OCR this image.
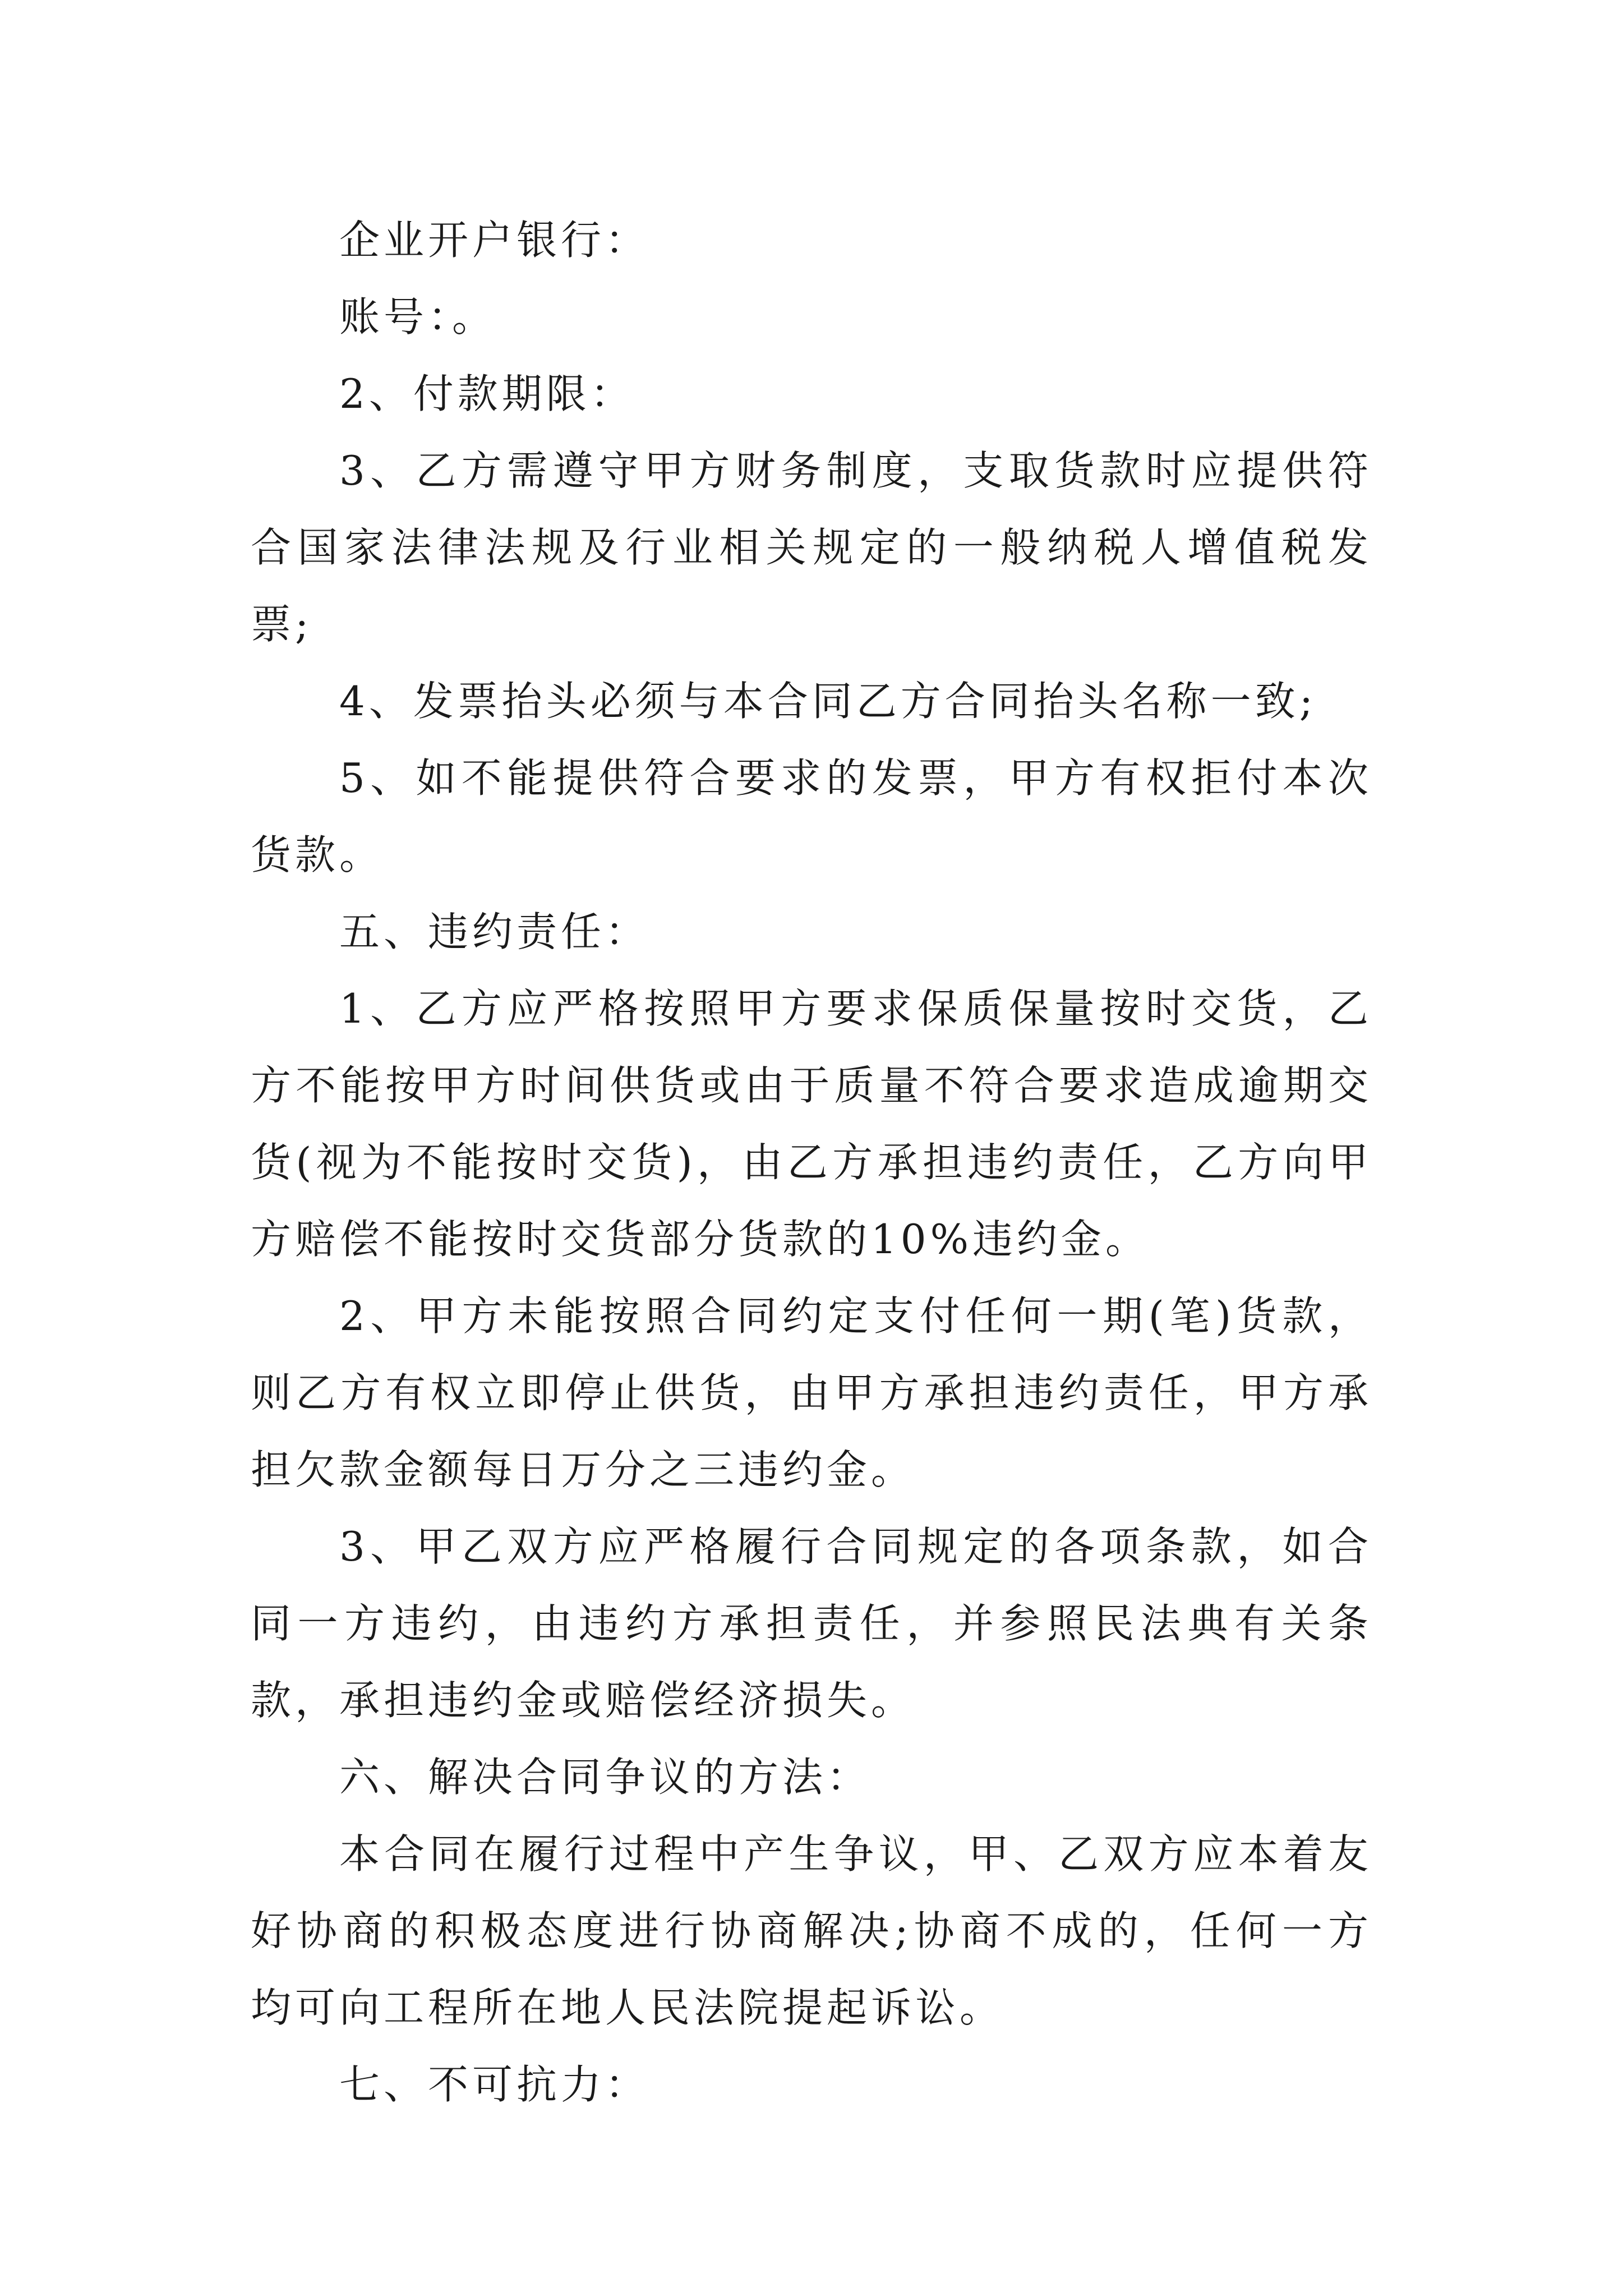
企业开户银行：

账号：。

2、付款期限：

3、乙方需遵守甲方财务制度，支取货款时应提供符合国家法律法规及行业相关规定的一般纳税人增值税发票;

4、发票抬头必须与本合同乙方合同抬头名称一致;

5、如不能提供符合要求的发票，甲方有权拒付本次货款。

五、违约责任：

1、乙方应严格按照甲方要求保质保量按时交货，乙方不能按甲方时间供货或由于质量不符合要求造成逾期交货(视为不能按时交货)，由乙方承担违约责任，乙方向甲方赔偿不能按时交货部分货款的10%违约金。

2、甲方未能按照合同约定支付任何一期(笔)货款，则乙方有权立即停止供货，由甲方承担违约责任，甲方承担欠款金额每日万分之三违约金。

3、甲乙双方应严格履行合同规定的各项条款，如合同一方违约，由违约方承担责任，并参照民法典有关条款，承担违约金或赔偿经济损失。

六、解决合同争议的方法：

本合同在履行过程中产生争议，甲、乙双方应本着友好协商的积极态度进行协商解决;协商不成的，任何一方均可向工程所在地人民法院提起诉讼。

七、不可抗力：
